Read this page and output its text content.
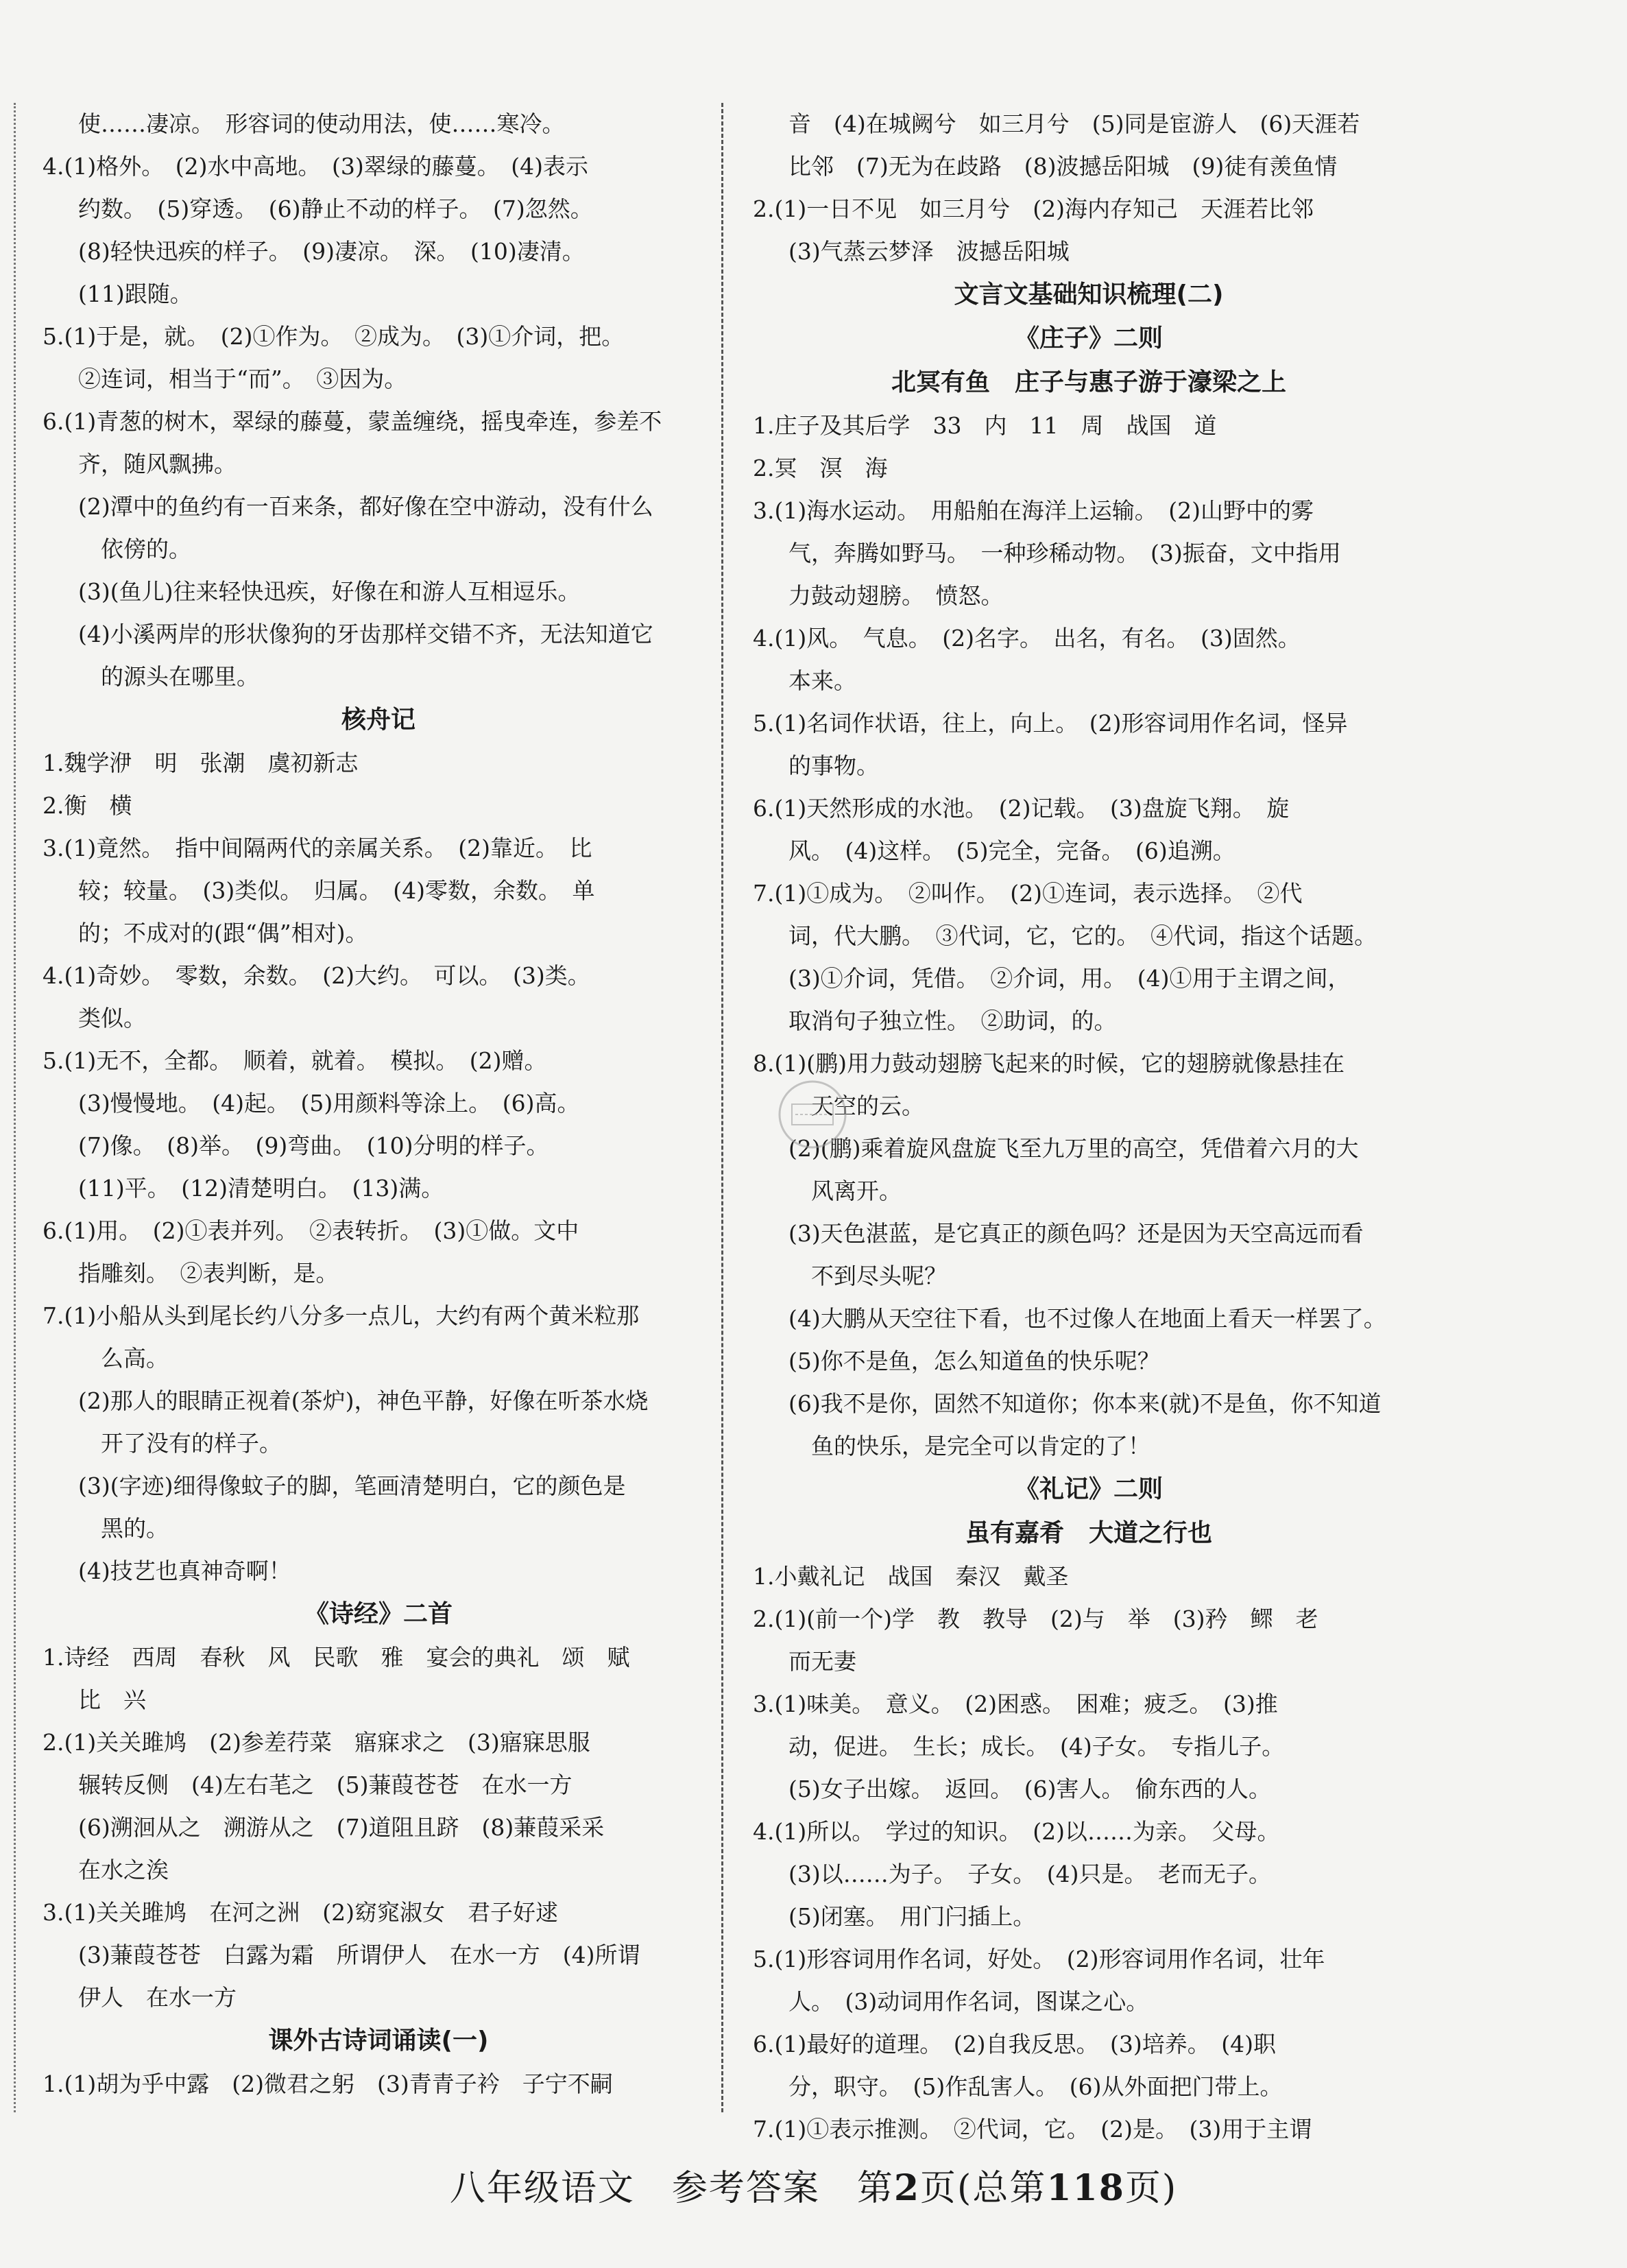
使……凄凉。　形容词的使动用法，使……寒冷。
4.(1)格外。　(2)水中高地。　(3)翠绿的藤蔓。　(4)表示
约数。　(5)穿透。　(6)静止不动的样子。　(7)忽然。
(8)轻快迅疾的样子。　(9)凄凉。　深。　(10)凄清。
(11)跟随。
5.(1)于是，就。　(2)①作为。　②成为。　(3)①介词，把。
②连词，相当于“而”。　③因为。
6.(1)青葱的树木，翠绿的藤蔓，蒙盖缠绕，摇曳牵连，参差不
齐，随风飘拂。
(2)潭中的鱼约有一百来条，都好像在空中游动，没有什么
　依傍的。
(3)(鱼儿)往来轻快迅疾，好像在和游人互相逗乐。
(4)小溪两岸的形状像狗的牙齿那样交错不齐，无法知道它
　的源头在哪里。
核舟记
1.魏学洢　明　张潮　虞初新志
2.衡　横
3.(1)竟然。　指中间隔两代的亲属关系。　(2)靠近。　比
较；较量。　(3)类似。　归属。　(4)零数，余数。　单
的；不成对的(跟“偶”相对)。
4.(1)奇妙。　零数，余数。　(2)大约。　可以。　(3)类。
类似。
5.(1)无不，全都。　顺着，就着。　模拟。　(2)赠。
(3)慢慢地。　(4)起。　(5)用颜料等涂上。　(6)高。
(7)像。　(8)举。　(9)弯曲。　(10)分明的样子。
(11)平。　(12)清楚明白。　(13)满。
6.(1)用。　(2)①表并列。　②表转折。　(3)①做。文中
指雕刻。　②表判断，是。
7.(1)小船从头到尾长约八分多一点儿，大约有两个黄米粒那
　么高。
(2)那人的眼睛正视着(茶炉)，神色平静，好像在听茶水烧
　开了没有的样子。
(3)(字迹)细得像蚊子的脚，笔画清楚明白，它的颜色是
　黑的。
(4)技艺也真神奇啊！
《诗经》二首
1.诗经　西周　春秋　风　民歌　雅　宴会的典礼　颂　赋
比　兴
2.(1)关关雎鸠　(2)参差荇菜　寤寐求之　(3)寤寐思服
辗转反侧　(4)左右芼之　(5)蒹葭苍苍　在水一方
(6)溯洄从之　溯游从之　(7)道阻且跻　(8)蒹葭采采
在水之涘
3.(1)关关雎鸠　在河之洲　(2)窈窕淑女　君子好逑
(3)蒹葭苍苍　白露为霜　所谓伊人　在水一方　(4)所谓
伊人　在水一方
课外古诗词诵读(一)
1.(1)胡为乎中露　(2)微君之躬　(3)青青子衿　子宁不嗣
音　(4)在城阙兮　如三月兮　(5)同是宦游人　(6)天涯若
比邻　(7)无为在歧路　(8)波撼岳阳城　(9)徒有羡鱼情
2.(1)一日不见　如三月兮　(2)海内存知己　天涯若比邻
(3)气蒸云梦泽　波撼岳阳城
文言文基础知识梳理(二)
《庄子》二则
北冥有鱼　庄子与惠子游于濠梁之上
1.庄子及其后学　33　内　11　周　战国　道
2.冥　溟　海
3.(1)海水运动。　用船舶在海洋上运输。　(2)山野中的雾
气，奔腾如野马。　一种珍稀动物。　(3)振奋，文中指用
力鼓动翅膀。　愤怒。
4.(1)风。　气息。　(2)名字。　出名，有名。　(3)固然。
本来。
5.(1)名词作状语，往上，向上。　(2)形容词用作名词，怪异
的事物。
6.(1)天然形成的水池。　(2)记载。　(3)盘旋飞翔。　旋
风。　(4)这样。　(5)完全，完备。　(6)追溯。
7.(1)①成为。　②叫作。　(2)①连词，表示选择。　②代
词，代大鹏。　③代词，它，它的。　④代词，指这个话题。
(3)①介词，凭借。　②介词，用。　(4)①用于主谓之间，
取消句子独立性。　②助词，的。
8.(1)(鹏)用力鼓动翅膀飞起来的时候，它的翅膀就像悬挂在
　天空的云。
(2)(鹏)乘着旋风盘旋飞至九万里的高空，凭借着六月的大
　风离开。
(3)天色湛蓝，是它真正的颜色吗？还是因为天空高远而看
　不到尽头呢？
(4)大鹏从天空往下看，也不过像人在地面上看天一样罢了。
(5)你不是鱼，怎么知道鱼的快乐呢？
(6)我不是你，固然不知道你；你本来(就)不是鱼，你不知道
　鱼的快乐，是完全可以肯定的了！
《礼记》二则
虽有嘉肴　大道之行也
1.小戴礼记　战国　秦汉　戴圣
2.(1)(前一个)学　教　教导　(2)与　举　(3)矜　鳏　老
而无妻
3.(1)味美。　意义。　(2)困惑。　困难；疲乏。　(3)推
动，促进。　生长；成长。　(4)子女。　专指儿子。
(5)女子出嫁。　返回。　(6)害人。　偷东西的人。
4.(1)所以。　学过的知识。　(2)以……为亲。　父母。
(3)以……为子。　子女。　(4)只是。　老而无子。
(5)闭塞。　用门闩插上。
5.(1)形容词用作名词，好处。　(2)形容词用作名词，壮年
人。　(3)动词用作名词，图谋之心。
6.(1)最好的道理。　(2)自我反思。　(3)培养。　(4)职
分，职守。　(5)作乱害人。　(6)从外面把门带上。
7.(1)①表示推测。　②代词，它。　(2)是。　(3)用于主谓
八年级语文　参考答案　第2页(总第118页)
